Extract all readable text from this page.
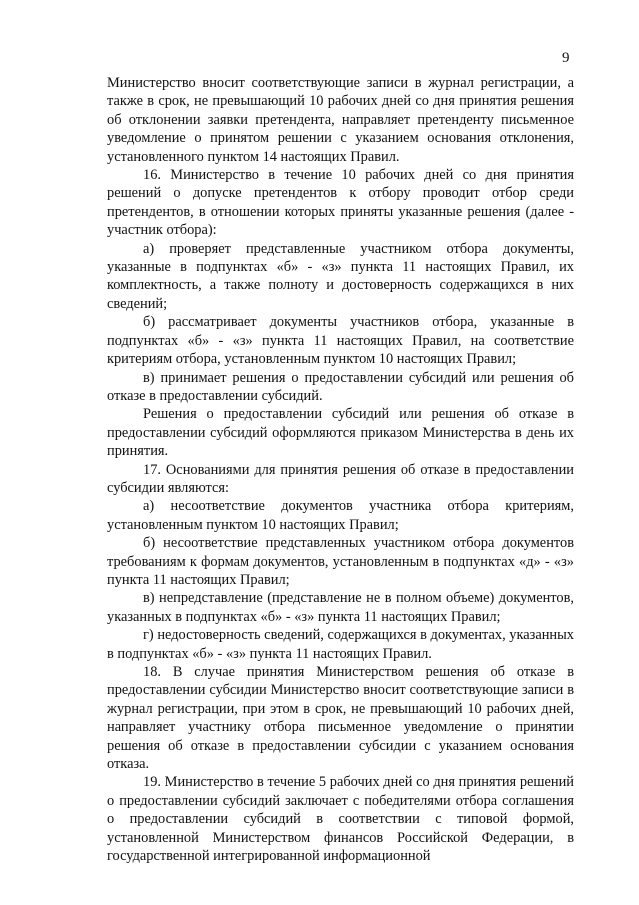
9

Министерство вносит соответствующие записи в журнал регистрации, а также в срок, не превышающий 10 рабочих дней со дня принятия решения об отклонении заявки претендента, направляет претенденту письменное уведомление о принятом решении с указанием основания отклонения, установленного пунктом 14 настоящих Правил.

16. Министерство в течение 10 рабочих дней со дня принятия решений о допуске претендентов к отбору проводит отбор среди претендентов, в отношении которых приняты указанные решения (далее - участник отбора):

а) проверяет представленные участником отбора документы, указанные в подпунктах «б» - «з» пункта 11 настоящих Правил, их комплектность, а также полноту и достоверность содержащихся в них сведений;

б) рассматривает документы участников отбора, указанные в подпунктах «б» - «з» пункта 11 настоящих Правил, на соответствие критериям отбора, установленным пунктом 10 настоящих Правил;

в) принимает решения о предоставлении субсидий или решения об отказе в предоставлении субсидий.

Решения о предоставлении субсидий или решения об отказе в предоставлении субсидий оформляются приказом Министерства в день их принятия.

17. Основаниями для принятия решения об отказе в предоставлении субсидии являются:

а) несоответствие документов участника отбора критериям, установленным пунктом 10 настоящих Правил;

б) несоответствие представленных участником отбора документов требованиям к формам документов, установленным в подпунктах «д» - «з» пункта 11 настоящих Правил;

в) непредставление (представление не в полном объеме) документов, указанных в подпунктах «б» - «з» пункта 11 настоящих Правил;

г) недостоверность сведений, содержащихся в документах, указанных в подпунктах «б» - «з» пункта 11 настоящих Правил.

18. В случае принятия Министерством решения об отказе в предоставлении субсидии Министерство вносит соответствующие записи в журнал регистрации, при этом в срок, не превышающий 10 рабочих дней, направляет участнику отбора письменное уведомление о принятии решения об отказе в предоставлении субсидии с указанием основания отказа.

19. Министерство в течение 5 рабочих дней со дня принятия решений о предоставлении субсидий заключает с победителями отбора соглашения о предоставлении субсидий в соответствии с типовой формой, установленной Министерством финансов Российской Федерации, в государственной интегрированной информационной
